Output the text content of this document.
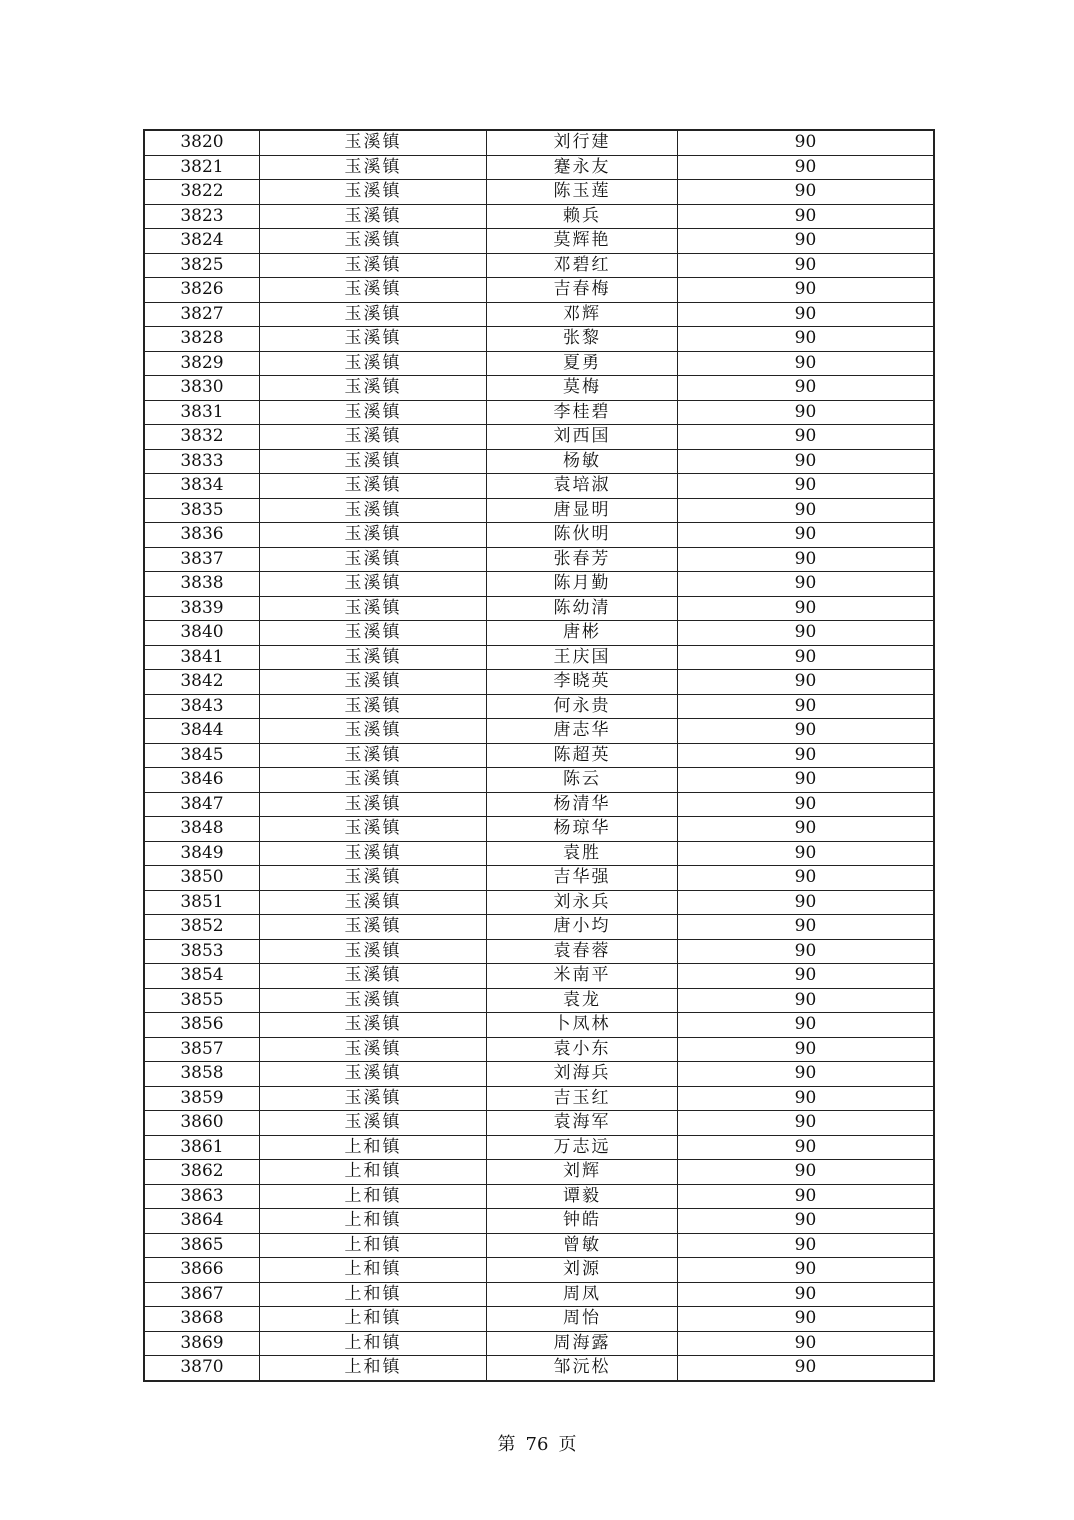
3820	玉溪镇	刘行建	90
3821	玉溪镇	蹇永友	90
3822	玉溪镇	陈玉莲	90
3823	玉溪镇	赖兵	90
3824	玉溪镇	莫辉艳	90
3825	玉溪镇	邓碧红	90
3826	玉溪镇	吉春梅	90
3827	玉溪镇	邓辉	90
3828	玉溪镇	张黎	90
3829	玉溪镇	夏勇	90
3830	玉溪镇	莫梅	90
3831	玉溪镇	李桂碧	90
3832	玉溪镇	刘西国	90
3833	玉溪镇	杨敏	90
3834	玉溪镇	袁培淑	90
3835	玉溪镇	唐显明	90
3836	玉溪镇	陈伙明	90
3837	玉溪镇	张春芳	90
3838	玉溪镇	陈月勤	90
3839	玉溪镇	陈幼清	90
3840	玉溪镇	唐彬	90
3841	玉溪镇	王庆国	90
3842	玉溪镇	李晓英	90
3843	玉溪镇	何永贵	90
3844	玉溪镇	唐志华	90
3845	玉溪镇	陈超英	90
3846	玉溪镇	陈云	90
3847	玉溪镇	杨清华	90
3848	玉溪镇	杨琼华	90
3849	玉溪镇	袁胜	90
3850	玉溪镇	吉华强	90
3851	玉溪镇	刘永兵	90
3852	玉溪镇	唐小均	90
3853	玉溪镇	袁春蓉	90
3854	玉溪镇	米南平	90
3855	玉溪镇	袁龙	90
3856	玉溪镇	卜凤林	90
3857	玉溪镇	袁小东	90
3858	玉溪镇	刘海兵	90
3859	玉溪镇	吉玉红	90
3860	玉溪镇	袁海军	90
3861	上和镇	万志远	90
3862	上和镇	刘辉	90
3863	上和镇	谭毅	90
3864	上和镇	钟皓	90
3865	上和镇	曾敏	90
3866	上和镇	刘源	90
3867	上和镇	周凤	90
3868	上和镇	周怡	90
3869	上和镇	周海露	90
3870	上和镇	邹沅松	90
第 76 页
